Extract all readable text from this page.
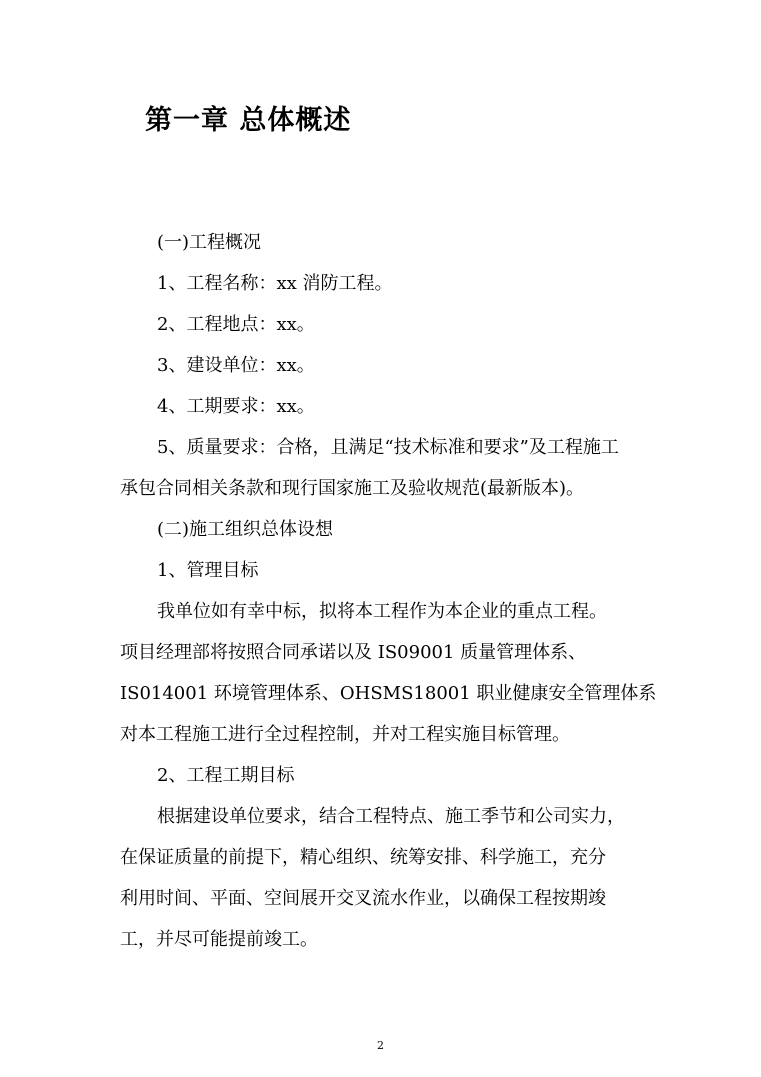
第一章 总体概述

(一)工程概况

1、工程名称：xx 消防工程。

2、工程地点：xx。

3、建设单位：xx。

4、工期要求：xx。

5、质量要求：合格，且满足“技术标准和要求”及工程施工

承包合同相关条款和现行国家施工及验收规范(最新版本)。

(二)施工组织总体设想

1、管理目标

我单位如有幸中标，拟将本工程作为本企业的重点工程。

项目经理部将按照合同承诺以及 IS09001 质量管理体系、

IS014001 环境管理体系、OHSMS18001 职业健康安全管理体系

对本工程施工进行全过程控制，并对工程实施目标管理。

2、工程工期目标

根据建设单位要求，结合工程特点、施工季节和公司实力，

在保证质量的前提下，精心组织、统筹安排、科学施工，充分

利用时间、平面、空间展开交叉流水作业，以确保工程按期竣

工，并尽可能提前竣工。

2
